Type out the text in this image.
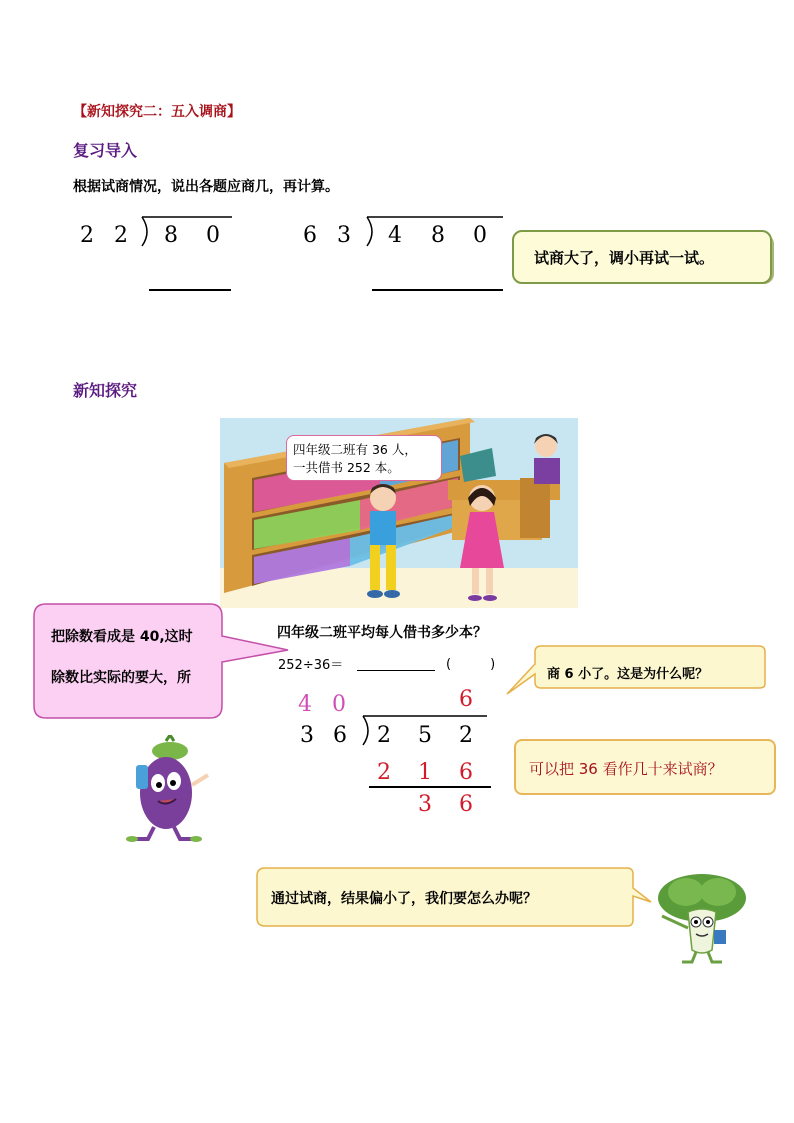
【新知探究二：五入调商】
复习导入
根据试商情况，说出各题应商几，再计算。
2 2 8 0	6 3 4 8 0
试商大了，调小再试一试。
新知探究
四年级二班有 36 人，
一共借书 252 本。
把除数看成是 40,这时
除数比实际的要大，所
四年级二班平均每人借书多少本？
252÷36＝	(　　　)
商 6 小了。这是为什么呢？
4 0	6
3 6 2 5 2
2 1 6
3 6
可以把 36 看作几十来试商？
通过试商，结果偏小了，我们要怎么办呢？
